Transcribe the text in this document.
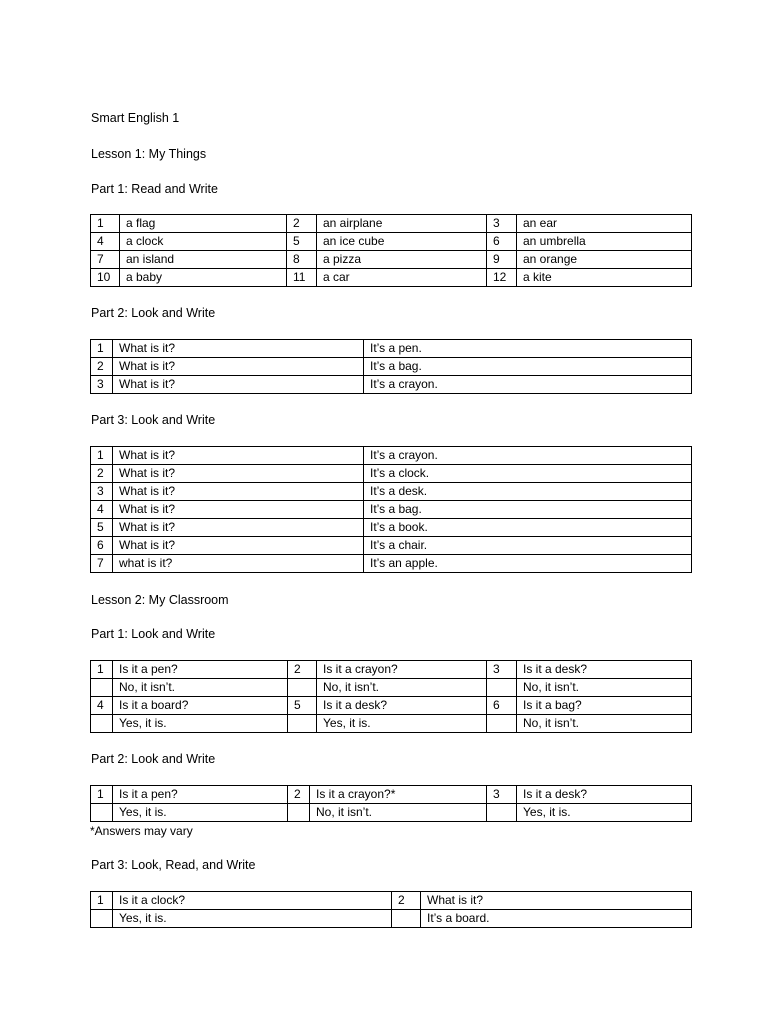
Smart English 1
Lesson 1: My Things
Part 1: Read and Write
1	a flag	2	an airplane	3	an ear
4	a clock	5	an ice cube	6	an umbrella
7	an island	8	a pizza	9	an orange
10	a baby	11	a car	12	a kite
Part 2: Look and Write
1	What is it?	It’s a pen.
2	What is it?	It’s a bag.
3	What is it?	It’s a crayon.
Part 3: Look and Write
1	What is it?	It’s a crayon.
2	What is it?	It’s a clock.
3	What is it?	It’s a desk.
4	What is it?	It’s a bag.
5	What is it?	It’s a book.
6	What is it?	It’s a chair.
7	what is it?	It’s an apple.
Lesson 2: My Classroom
Part 1: Look and Write
1	Is it a pen?	2	Is it a crayon?	3	Is it a desk?
	No, it isn’t.		No, it isn’t.		No, it isn’t.
4	Is it a board?	5	Is it a desk?	6	Is it a bag?
	Yes, it is.		Yes, it is.		No, it isn’t.
Part 2: Look and Write
1	Is it a pen?	2	Is it a crayon?*	3	Is it a desk?
	Yes, it is.		No, it isn’t.		Yes, it is.
*Answers may vary
Part 3: Look, Read, and Write
1	Is it a clock?	2	What is it?
	Yes, it is.		It’s a board.
